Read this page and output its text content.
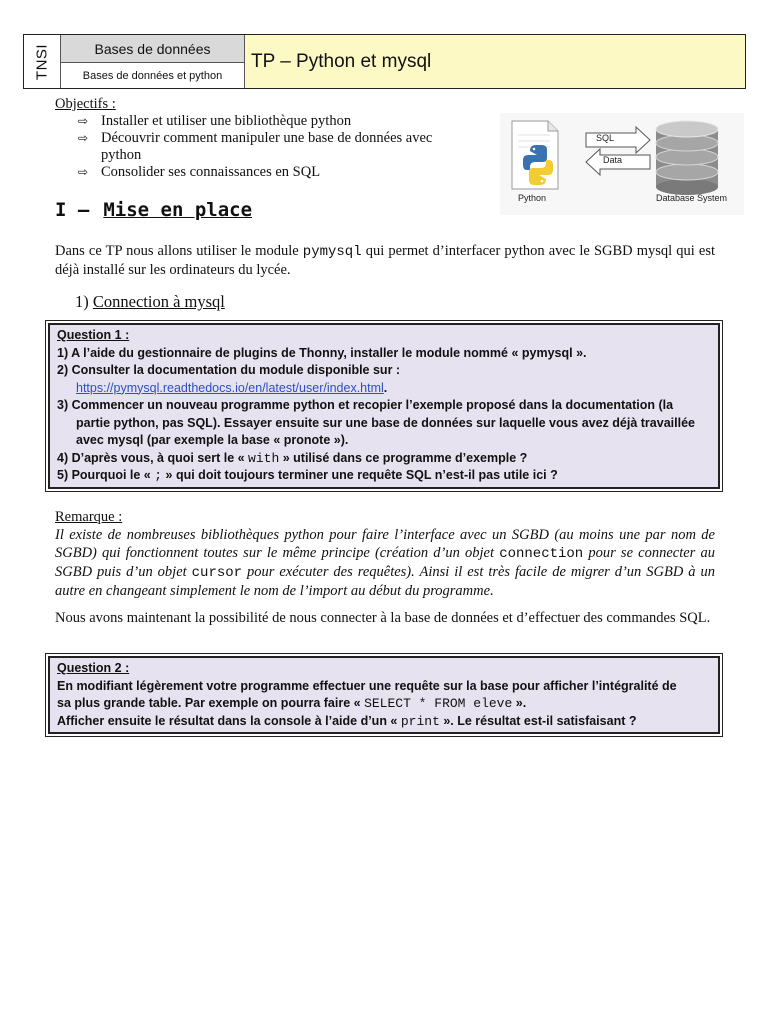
TNSI	Bases de données
Bases de données et python
TP – Python et mysql
Objectifs :
⇨ Installer et utiliser une bibliothèque python
⇨ Découvrir comment manipuler une base de données avec python
⇨ Consolider ses connaissances en SQL
SQL
Data
Python	Database System
I – Mise en place
Dans ce TP nous allons utiliser le module pymysql qui permet d’interfacer python avec le SGBD mysql qui est déjà installé sur les ordinateurs du lycée.
1) Connection à mysql
Question 1 :
1) A l’aide du gestionnaire de plugins de Thonny, installer le module nommé « pymysql ».
2) Consulter la documentation du module disponible sur :
https://pymysql.readthedocs.io/en/latest/user/index.html.
3) Commencer un nouveau programme python et recopier l’exemple proposé dans la documentation (la
partie python, pas SQL). Essayer ensuite sur une base de données sur laquelle vous avez déjà travaillée
avec mysql (par exemple la base « pronote »).
4) D’après vous, à quoi sert le « with » utilisé dans ce programme d’exemple ?
5) Pourquoi le « ; » qui doit toujours terminer une requête SQL n’est-il pas utile ici ?
Remarque :
Il existe de nombreuses bibliothèques python pour faire l’interface avec un SGBD (au moins une par nom de SGBD) qui fonctionnent toutes sur le même principe (création d’un objet connection pour se connecter au SGBD puis d’un objet cursor pour exécuter des requêtes). Ainsi il est très facile de migrer d’un SGBD à un autre en changeant simplement le nom de l’import au début du programme.
Nous avons maintenant la possibilité de nous connecter à la base de données et d’effectuer des commandes SQL.
Question 2 :
En modifiant légèrement votre programme effectuer une requête sur la base pour afficher l’intégralité de
sa plus grande table. Par exemple on pourra faire « SELECT * FROM eleve ».
Afficher ensuite le résultat dans la console à l’aide d’un « print ». Le résultat est-il satisfaisant ?
